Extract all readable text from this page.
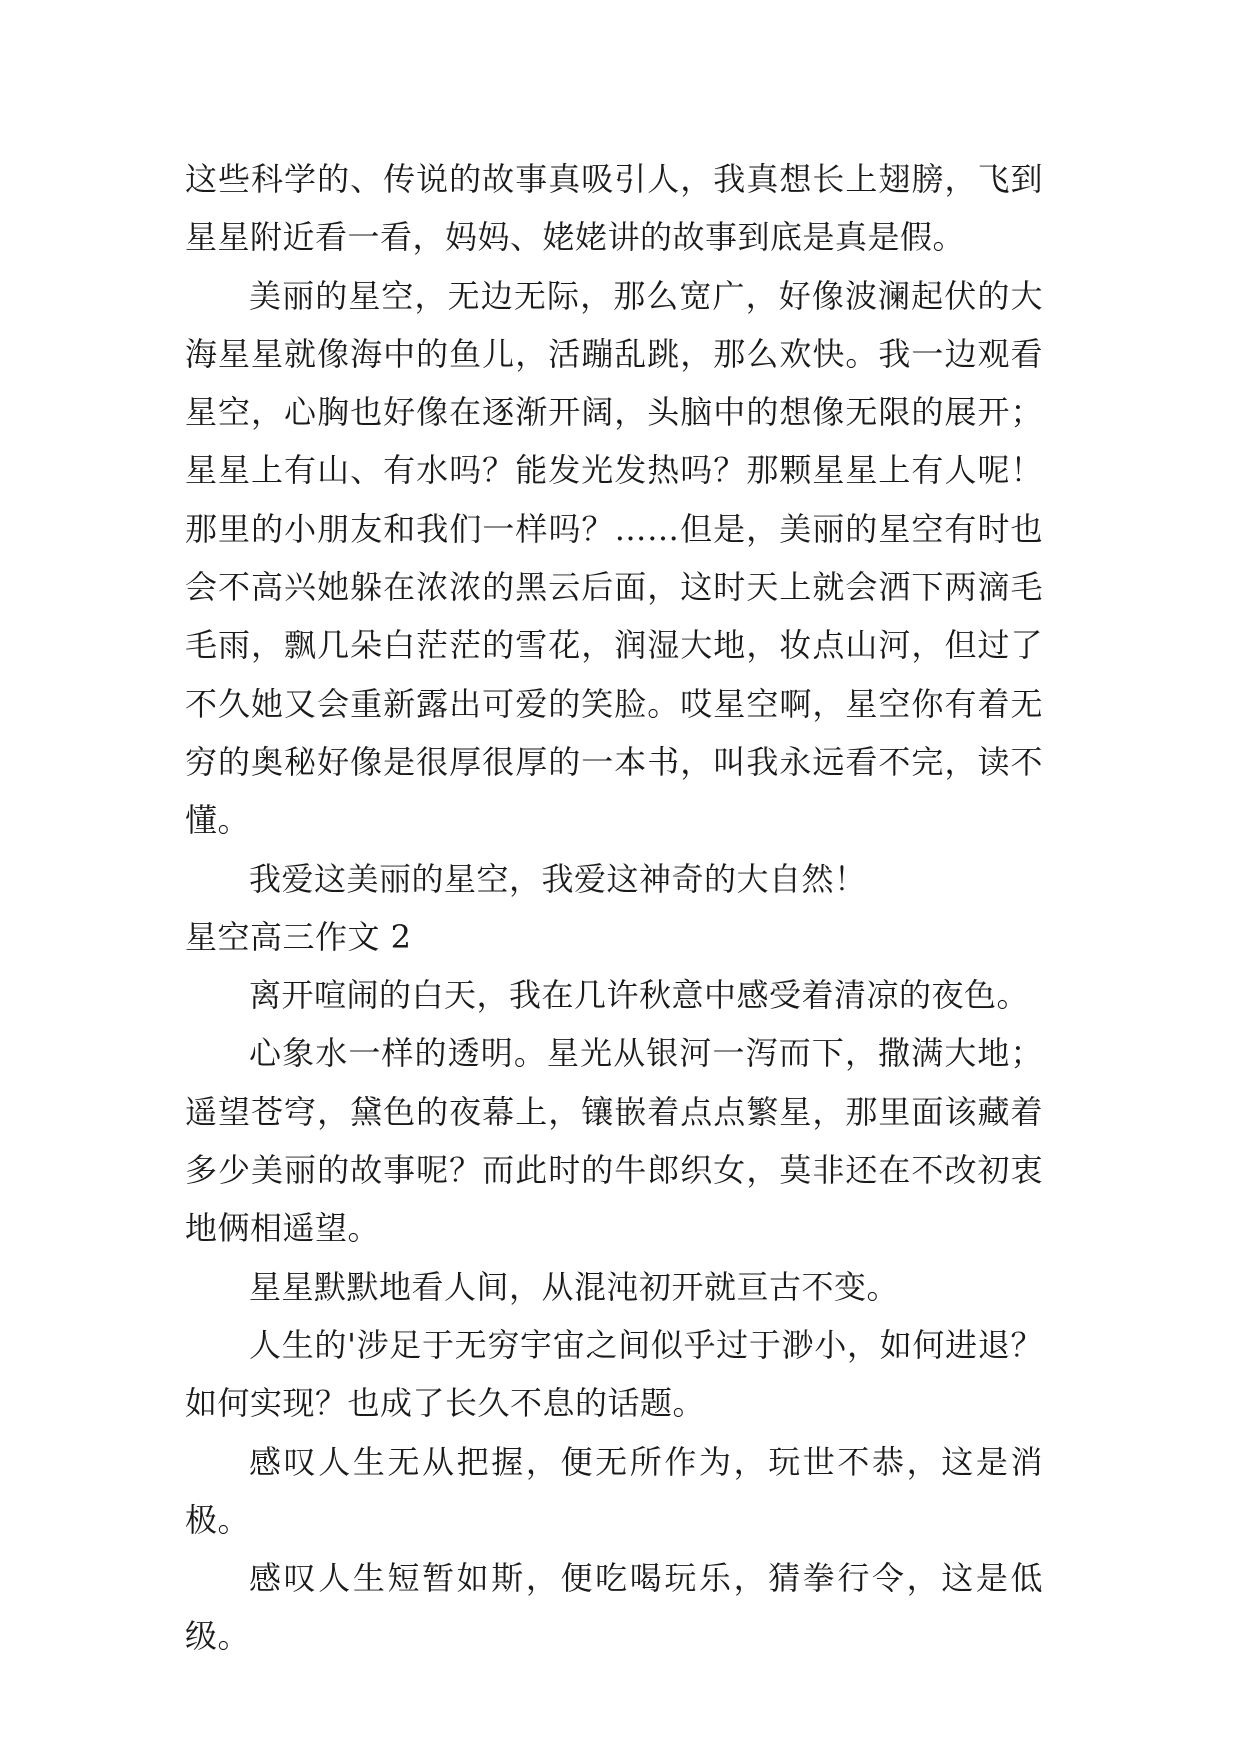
这些科学的、传说的故事真吸引人，我真想长上翅膀，飞到星星附近看一看，妈妈、姥姥讲的故事到底是真是假。

美丽的星空，无边无际，那么宽广，好像波澜起伏的大海星星就像海中的鱼儿，活蹦乱跳，那么欢快。我一边观看星空，心胸也好像在逐渐开阔，头脑中的想像无限的展开；星星上有山、有水吗？能发光发热吗？那颗星星上有人呢！那里的小朋友和我们一样吗？……但是，美丽的星空有时也会不高兴她躲在浓浓的黑云后面，这时天上就会洒下两滴毛毛雨，飘几朵白茫茫的雪花，润湿大地，妆点山河，但过了不久她又会重新露出可爱的笑脸。哎星空啊，星空你有着无穷的奥秘好像是很厚很厚的一本书，叫我永远看不完，读不懂。

我爱这美丽的星空，我爱这神奇的大自然！

星空高三作文 2

离开喧闹的白天，我在几许秋意中感受着清凉的夜色。

心象水一样的透明。星光从银河一泻而下，撒满大地；遥望苍穹，黛色的夜幕上，镶嵌着点点繁星，那里面该藏着多少美丽的故事呢？而此时的牛郎织女，莫非还在不改初衷地俩相遥望。

星星默默地看人间，从混沌初开就亘古不变。

人生的'涉足于无穷宇宙之间似乎过于渺小，如何进退？如何实现？也成了长久不息的话题。

感叹人生无从把握，便无所作为，玩世不恭，这是消极。

感叹人生短暂如斯，便吃喝玩乐，猜拳行令，这是低级。
